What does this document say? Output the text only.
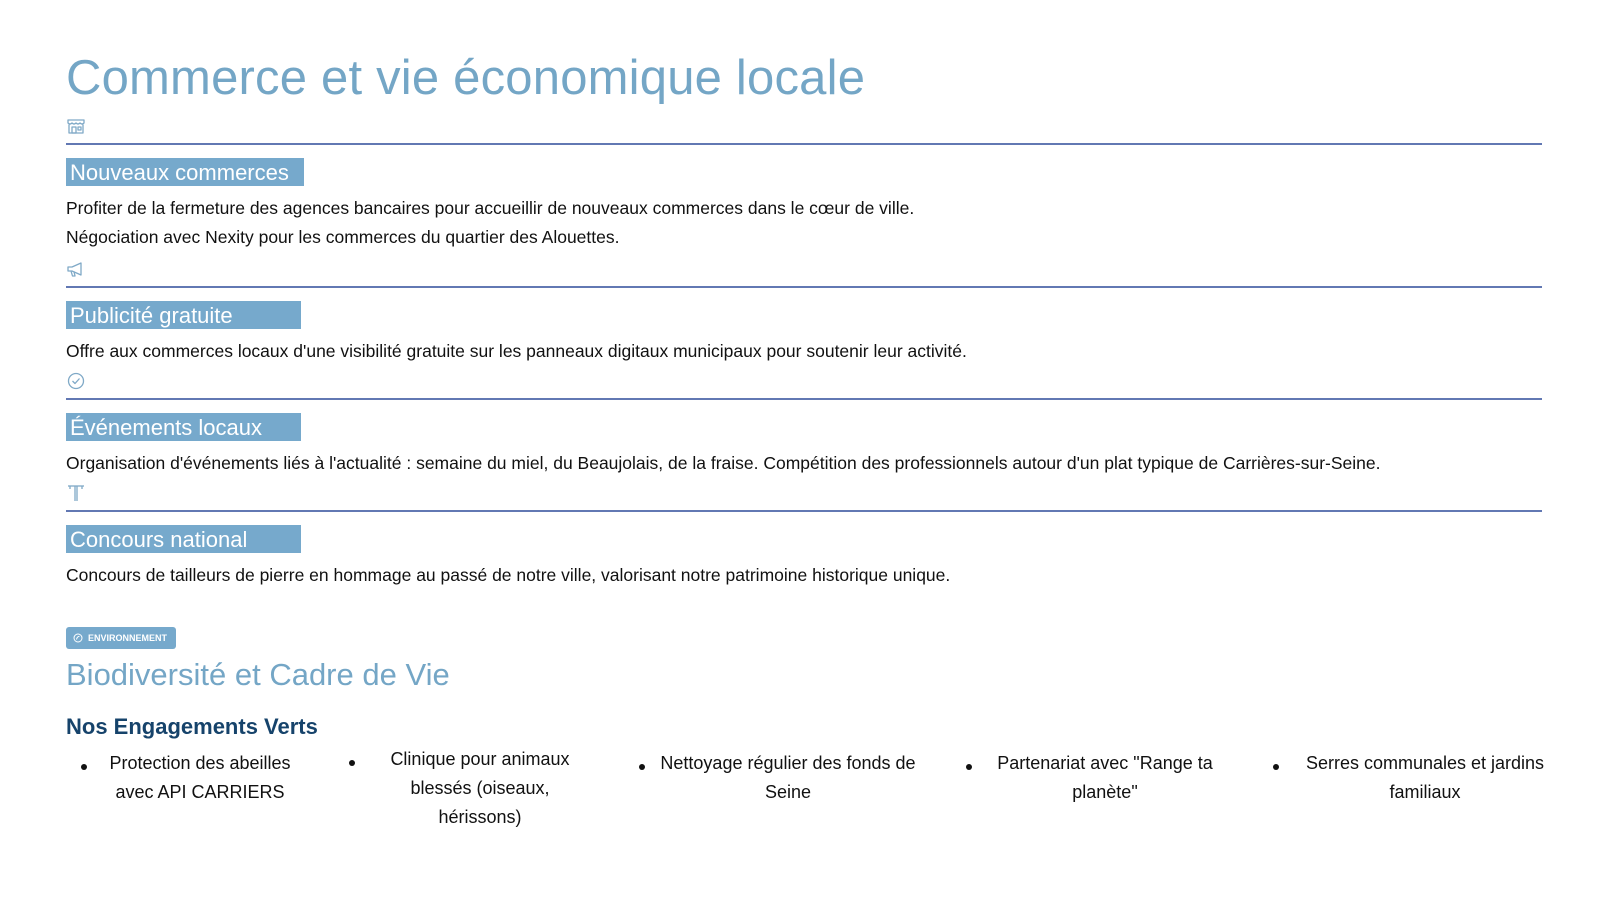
Commerce et vie économique locale
Nouveaux commerces
Profiter de la fermeture des agences bancaires pour accueillir de nouveaux commerces dans le cœur de ville.
Négociation avec Nexity pour les commerces du quartier des Alouettes.
Publicité gratuite
Offre aux commerces locaux d'une visibilité gratuite sur les panneaux digitaux municipaux pour soutenir leur activité.
Événements locaux
Organisation d'événements liés à l'actualité : semaine du miel, du Beaujolais, de la fraise. Compétition des professionnels autour d'un plat typique de Carrières-sur-Seine.
Concours national
Concours de tailleurs de pierre en hommage au passé de notre ville, valorisant notre patrimoine historique unique.
ENVIRONNEMENT
Biodiversité et Cadre de Vie
Nos Engagements Verts
Protection des abeilles avec API CARRIERS
Clinique pour animaux blessés (oiseaux, hérissons)
Nettoyage régulier des fonds de Seine
Partenariat avec "Range ta planète"
Serres communales et jardins familiaux
